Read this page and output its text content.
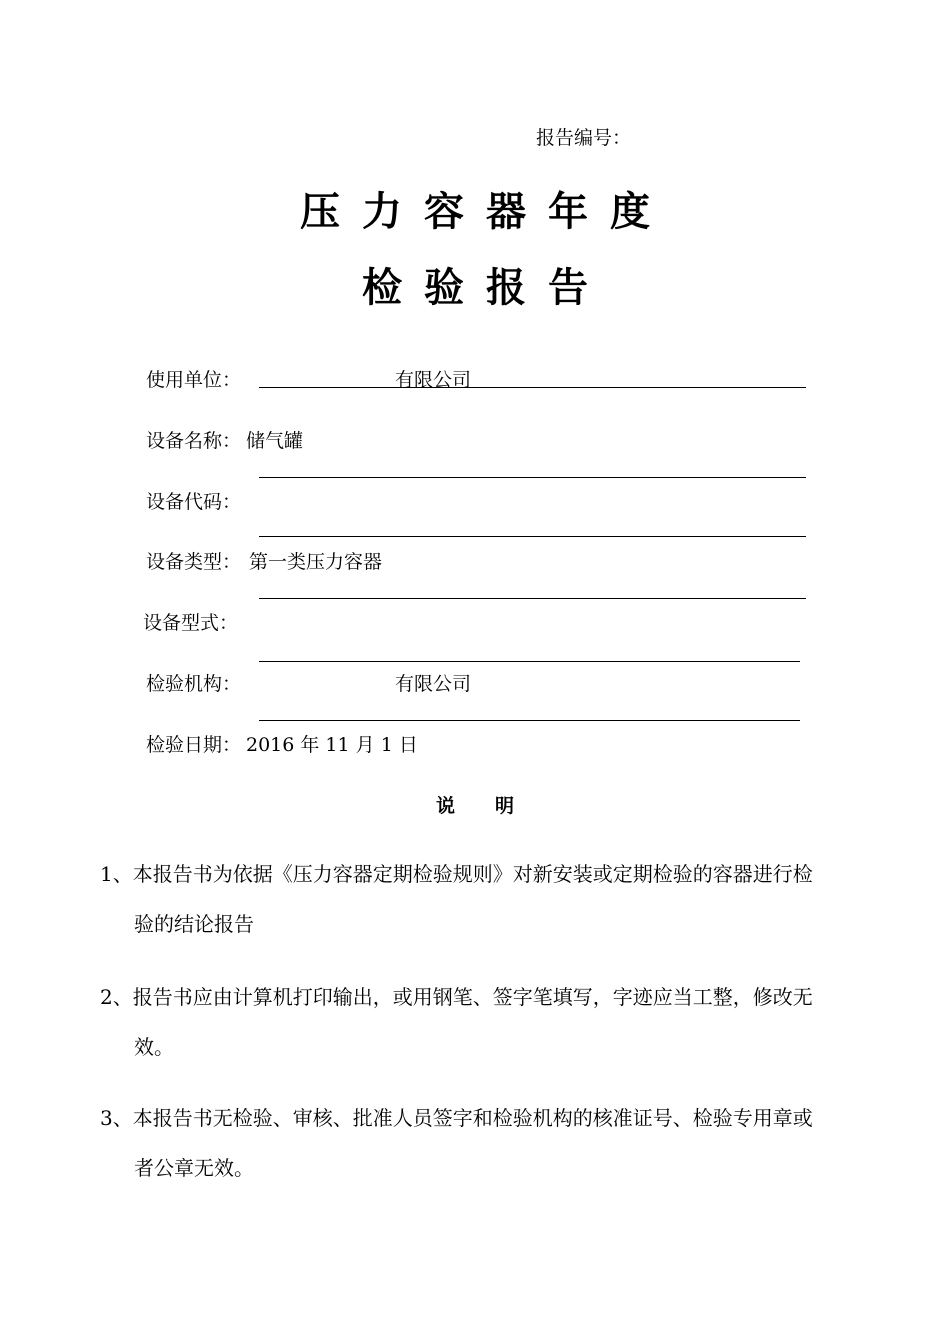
报告编号：
压力容器年度
检验报告
使用单位：	有限公司
设备名称： 储气罐
设备代码：
设备类型： 第一类压力容器
设备型式：
检验机构：	有限公司
检验日期： 2016 年 11 月 1 日
说 明
1、本报告书为依据《压力容器定期检验规则》对新安装或定期检验的容器进行检
验的结论报告
2、报告书应由计算机打印输出，或用钢笔、签字笔填写，字迹应当工整，修改无
效。
3、本报告书无检验、审核、批准人员签字和检验机构的核准证号、检验专用章或
者公章无效。
